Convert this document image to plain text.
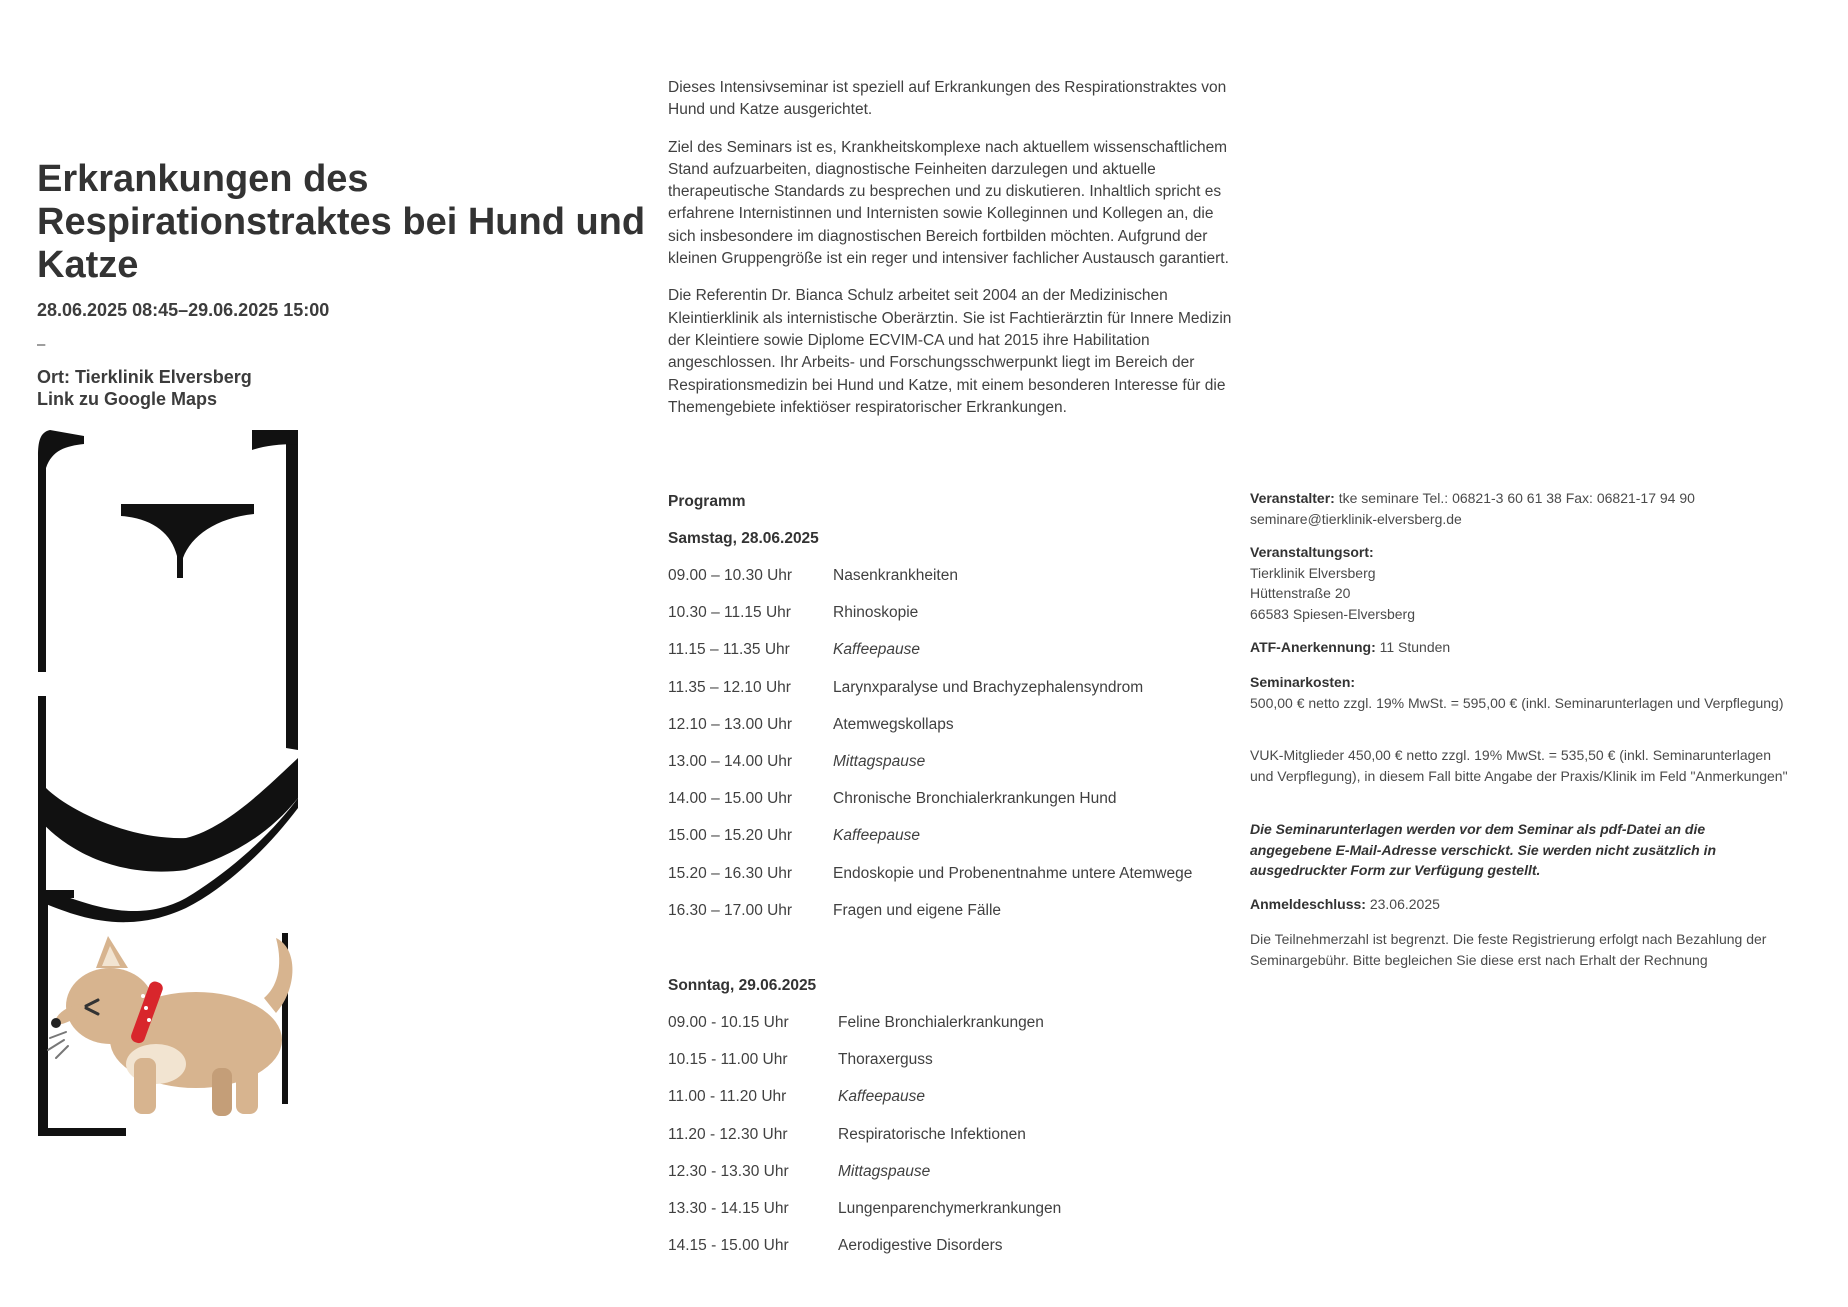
Erkrankungen des Respirationstraktes bei Hund und Katze
28.06.2025 08:45–29.06.2025 15:00
–
Ort: Tierklinik Elversberg
Link zu Google Maps

Dieses Intensivseminar ist speziell auf Erkrankungen des Respirationstraktes von Hund und Katze ausgerichtet.

Ziel des Seminars ist es, Krankheitskomplexe nach aktuellem wissenschaftlichem Stand aufzuarbeiten, diagnostische Feinheiten darzulegen und aktuelle therapeutische Standards zu besprechen und zu diskutieren. Inhaltlich spricht es erfahrene Internistinnen und Internisten sowie Kolleginnen und Kollegen an, die sich insbesondere im diagnostischen Bereich fortbilden möchten. Aufgrund der kleinen Gruppengröße ist ein reger und intensiver fachlicher Austausch garantiert.

Die Referentin Dr. Bianca Schulz arbeitet seit 2004 an der Medizinischen Kleintierklinik als internistische Oberärztin. Sie ist Fachtierärztin für Innere Medizin der Kleintiere sowie Diplome ECVIM-CA und hat 2015 ihre Habilitation angeschlossen. Ihr Arbeits- und Forschungsschwerpunkt liegt im Bereich der Respirationsmedizin bei Hund und Katze, mit einem besonderen Interesse für die Themengebiete infektiöser respiratorischer Erkrankungen.

Programm
Samstag, 28.06.2025
09.00 – 10.30 Uhr	Nasenkrankheiten
10.30 – 11.15 Uhr	Rhinoskopie
11.15 – 11.35 Uhr	Kaffeepause
11.35 – 12.10 Uhr	Larynxparalyse und Brachyzephalensyndrom
12.10 – 13.00 Uhr	Atemwegskollaps
13.00 – 14.00 Uhr	Mittagspause
14.00 – 15.00 Uhr	Chronische Bronchialerkrankungen Hund
15.00 – 15.20 Uhr	Kaffeepause
15.20 – 16.30 Uhr	Endoskopie und Probenentnahme untere Atemwege
16.30 – 17.00 Uhr	Fragen und eigene Fälle
Sonntag, 29.06.2025
09.00 - 10.15 Uhr	Feline Bronchialerkrankungen
10.15 - 11.00 Uhr	Thoraxerguss
11.00 - 11.20 Uhr	Kaffeepause
11.20 - 12.30 Uhr	Respiratorische Infektionen
12.30 - 13.30 Uhr	Mittagspause
13.30 - 14.15 Uhr	Lungenparenchymerkrankungen
14.15 - 15.00 Uhr	Aerodigestive Disorders
Veranstalter: tke seminare Tel.: 06821-3 60 61 38 Fax: 06821-17 94 90
seminare@tierklinik-elversberg.de
Veranstaltungsort:
Tierklinik Elversberg
Hüttenstraße 20
66583 Spiesen-Elversberg
ATF-Anerkennung: 11 Stunden
Seminarkosten:
500,00 € netto zzgl. 19% MwSt. = 595,00 € (inkl. Seminarunterlagen und Verpflegung)
VUK-Mitglieder 450,00 € netto zzgl. 19% MwSt. = 535,50 € (inkl. Seminarunterlagen und Verpflegung), in diesem Fall bitte Angabe der Praxis/Klinik im Feld "Anmerkungen"
Die Seminarunterlagen werden vor dem Seminar als pdf-Datei an die angegebene E-Mail-Adresse verschickt. Sie werden nicht zusätzlich in ausgedruckter Form zur Verfügung gestellt.
Anmeldeschluss: 23.06.2025
Die Teilnehmerzahl ist begrenzt. Die feste Registrierung erfolgt nach Bezahlung der Seminargebühr. Bitte begleichen Sie diese erst nach Erhalt der Rechnung
